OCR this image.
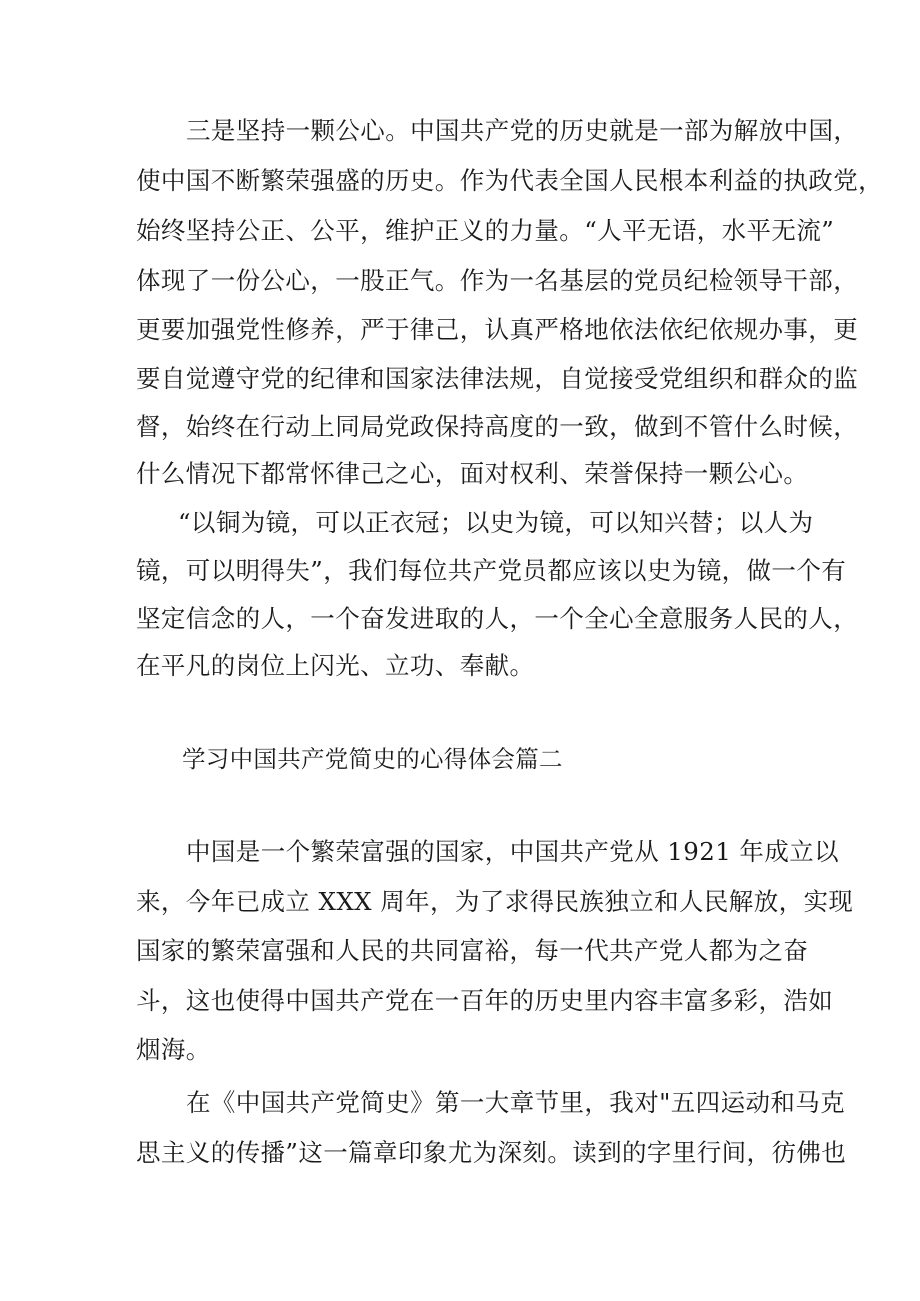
三是坚持一颗公心。中国共产党的历史就是一部为解放中国，
使中国不断繁荣强盛的历史。作为代表全国人民根本利益的执政党，
始终坚持公正、公平，维护正义的力量。“人平无语，水平无流”
体现了一份公心，一股正气。作为一名基层的党员纪检领导干部，
更要加强党性修养，严于律己，认真严格地依法依纪依规办事，更
要自觉遵守党的纪律和国家法律法规，自觉接受党组织和群众的监
督，始终在行动上同局党政保持高度的一致，做到不管什么时候，
什么情况下都常怀律己之心，面对权利、荣誉保持一颗公心。
“以铜为镜，可以正衣冠；以史为镜，可以知兴替；以人为
镜，可以明得失”，我们每位共产党员都应该以史为镜，做一个有
坚定信念的人，一个奋发进取的人，一个全心全意服务人民的人，
在平凡的岗位上闪光、立功、奉献。
学习中国共产党简史的心得体会篇二
中国是一个繁荣富强的国家，中国共产党从 1921 年成立以
来，今年已成立 XXX 周年，为了求得民族独立和人民解放，实现
国家的繁荣富强和人民的共同富裕，每一代共产党人都为之奋
斗，这也使得中国共产党在一百年的历史里内容丰富多彩，浩如
烟海。
在《中国共产党简史》第一大章节里，我对"五四运动和马克
思主义的传播”这一篇章印象尤为深刻。读到的字里行间，彷佛也
